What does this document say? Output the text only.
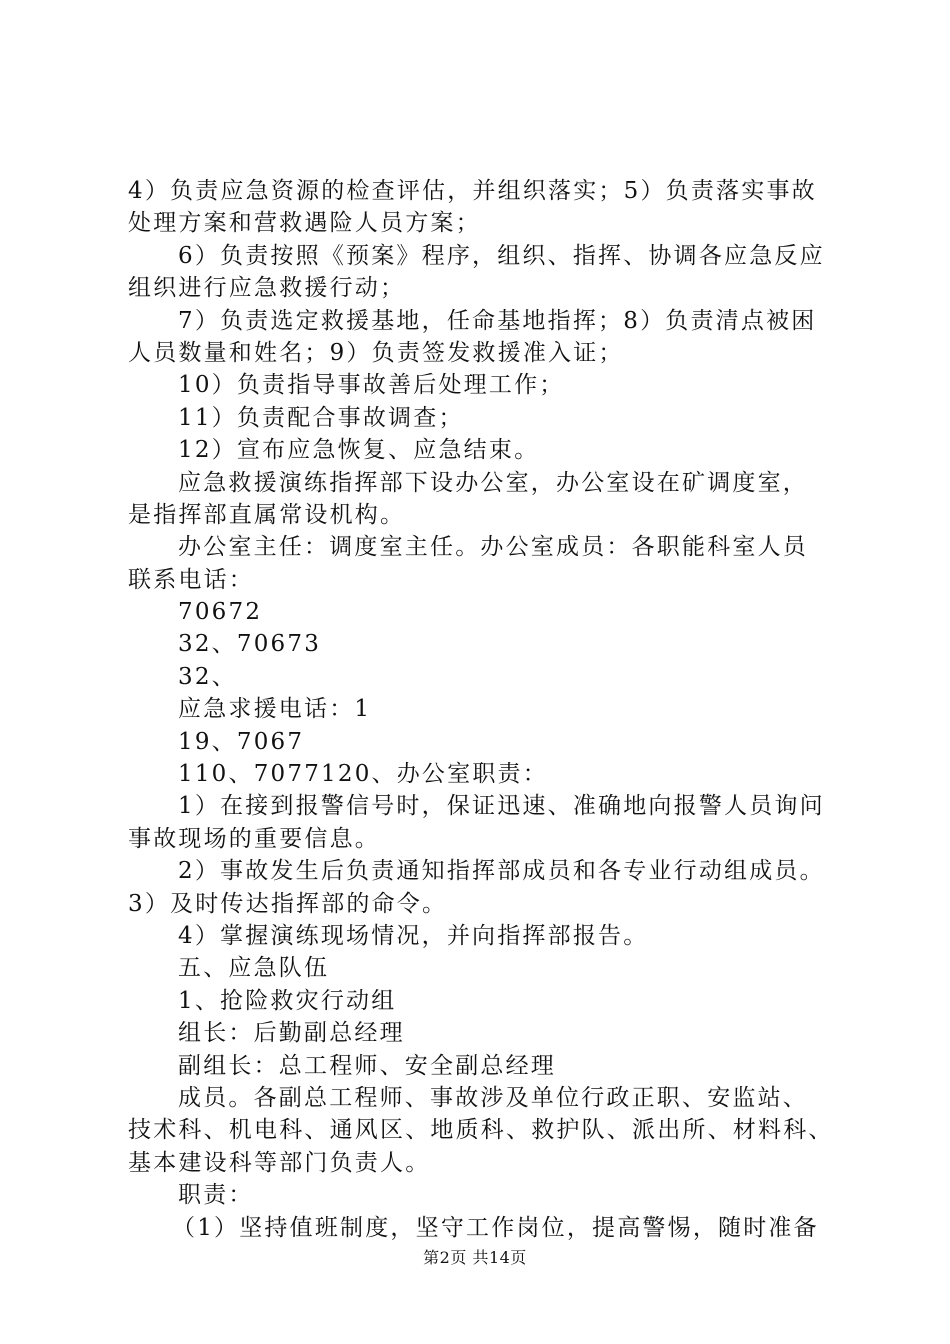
4）负责应急资源的检查评估，并组织落实；5）负责落实事故
处理方案和营救遇险人员方案；
6）负责按照《预案》程序，组织、指挥、协调各应急反应
组织进行应急救援行动；
7）负责选定救援基地，任命基地指挥；8）负责清点被困
人员数量和姓名；9）负责签发救援准入证；
10）负责指导事故善后处理工作；
11）负责配合事故调查；
12）宣布应急恢复、应急结束。
应急救援演练指挥部下设办公室，办公室设在矿调度室，
是指挥部直属常设机构。
办公室主任：调度室主任。办公室成员：各职能科室人员
联系电话：
70672
32、70673
32、
应急求援电话：1
19、7067
110、7077120、办公室职责：
1）在接到报警信号时，保证迅速、准确地向报警人员询问
事故现场的重要信息。
2）事故发生后负责通知指挥部成员和各专业行动组成员。
3）及时传达指挥部的命令。
4）掌握演练现场情况，并向指挥部报告。
五、应急队伍
1、抢险救灾行动组
组长：后勤副总经理
副组长：总工程师、安全副总经理
成员。各副总工程师、事故涉及单位行政正职、安监站、
技术科、机电科、通风区、地质科、救护队、派出所、材料科、
基本建设科等部门负责人。
职责：
（1）坚持值班制度，坚守工作岗位，提高警惕，随时准备
第2页 共14页
